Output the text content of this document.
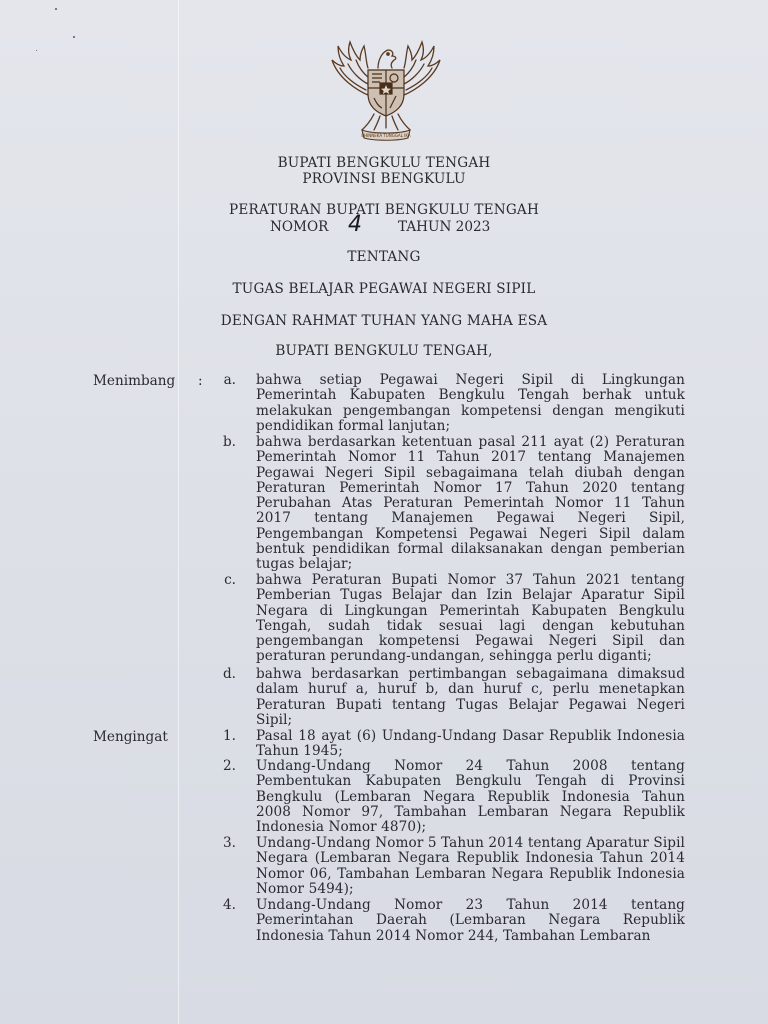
BHINNEKA TUNGGAL IKA
BUPATI BENGKULU TENGAH
PROVINSI BENGKULU
PERATURAN BUPATI BENGKULU TENGAH
NOMOR 4	TAHUN 2023
TENTANG
TUGAS BELAJAR PEGAWAI NEGERI SIPIL
DENGAN RAHMAT TUHAN YANG MAHA ESA
BUPATI BENGKULU TENGAH,
Menimbang :	a. bahwa setiap Pegawai Negeri Sipil di Lingkungan Pemerintah Kabupaten Bengkulu Tengah berhak untuk melakukan pengembangan kompetensi dengan mengikuti pendidikan formal lanjutan;
b. bahwa berdasarkan ketentuan pasal 211 ayat (2) Peraturan Pemerintah Nomor 11 Tahun 2017 tentang Manajemen Pegawai Negeri Sipil sebagaimana telah diubah dengan Peraturan Pemerintah Nomor 17 Tahun 2020 tentang Perubahan Atas Peraturan Pemerintah Nomor 11 Tahun 2017 tentang Manajemen Pegawai Negeri Sipil, Pengembangan Kompetensi Pegawai Negeri Sipil dalam bentuk pendidikan formal dilaksanakan dengan pemberian tugas belajar;
c. bahwa Peraturan Bupati Nomor 37 Tahun 2021 tentang Pemberian Tugas Belajar dan Izin Belajar Aparatur Sipil Negara di Lingkungan Pemerintah Kabupaten Bengkulu Tengah, sudah tidak sesuai lagi dengan kebutuhan pengembangan kompetensi Pegawai Negeri Sipil dan peraturan perundang-undangan, sehingga perlu diganti;
d. bahwa berdasarkan pertimbangan sebagaimana dimaksud dalam huruf a, huruf b, dan huruf c, perlu menetapkan Peraturan Bupati tentang Tugas Belajar Pegawai Negeri Sipil;
Mengingat	1. Pasal 18 ayat (6) Undang-Undang Dasar Republik Indonesia Tahun 1945;
2. Undang-Undang Nomor 24 Tahun 2008 tentang Pembentukan Kabupaten Bengkulu Tengah di Provinsi Bengkulu (Lembaran Negara Republik Indonesia Tahun 2008 Nomor 97, Tambahan Lembaran Negara Republik Indonesia Nomor 4870);
3. Undang-Undang Nomor 5 Tahun 2014 tentang Aparatur Sipil Negara (Lembaran Negara Republik Indonesia Tahun 2014 Nomor 06, Tambahan Lembaran Negara Republik Indonesia Nomor 5494);
4. Undang-Undang Nomor 23 Tahun 2014 tentang Pemerintahan Daerah (Lembaran Negara Republik Indonesia Tahun 2014 Nomor 244, Tambahan Lembaran
